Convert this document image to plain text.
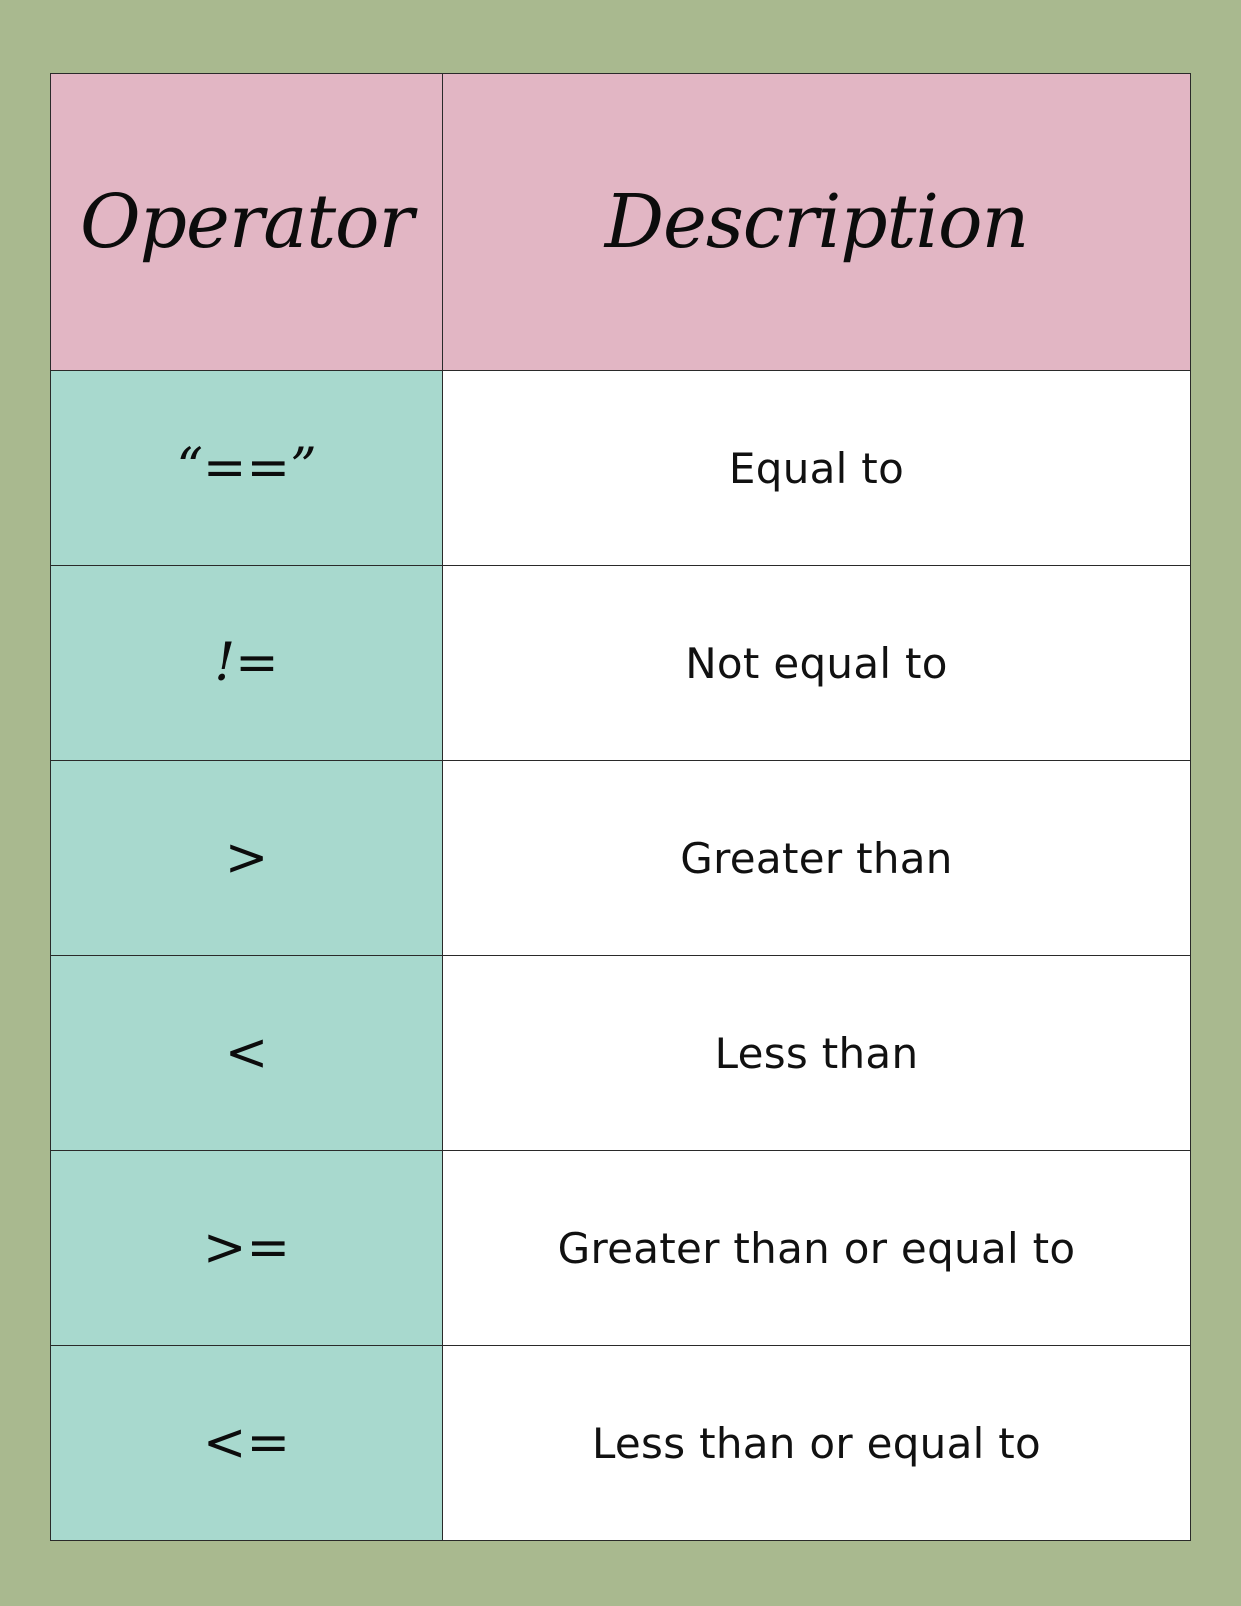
Operator	Description
“==”	Equal to
!=	Not equal to
>	Greater than
<	Less than
>=	Greater than or equal to
<=	Less than or equal to
